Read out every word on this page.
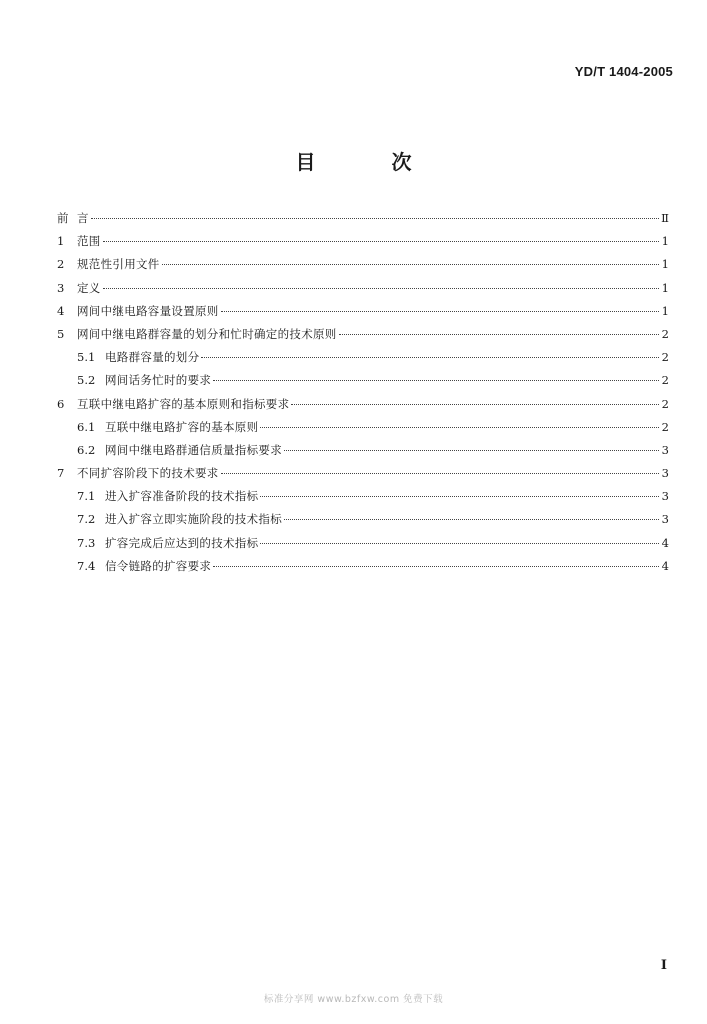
YD/T 1404-2005
目　次
前 言	Ⅱ
1	范围	1
2	规范性引用文件	1
3	定义	1
4	网间中继电路容量设置原则	1
5	网间中继电路群容量的划分和忙时确定的技术原则	2
5.1 电路群容量的划分	2
5.2 网间话务忙时的要求	2
6	互联中继电路扩容的基本原则和指标要求	2
6.1 互联中继电路扩容的基本原则	2
6.2 网间中继电路群通信质量指标要求	3
7	不同扩容阶段下的技术要求	3
7.1 进入扩容准备阶段的技术指标	3
7.2 进入扩容立即实施阶段的技术指标	3
7.3 扩容完成后应达到的技术指标	4
7.4 信令链路的扩容要求	4
I
标准分享网 www.bzfxw.com 免费下载
